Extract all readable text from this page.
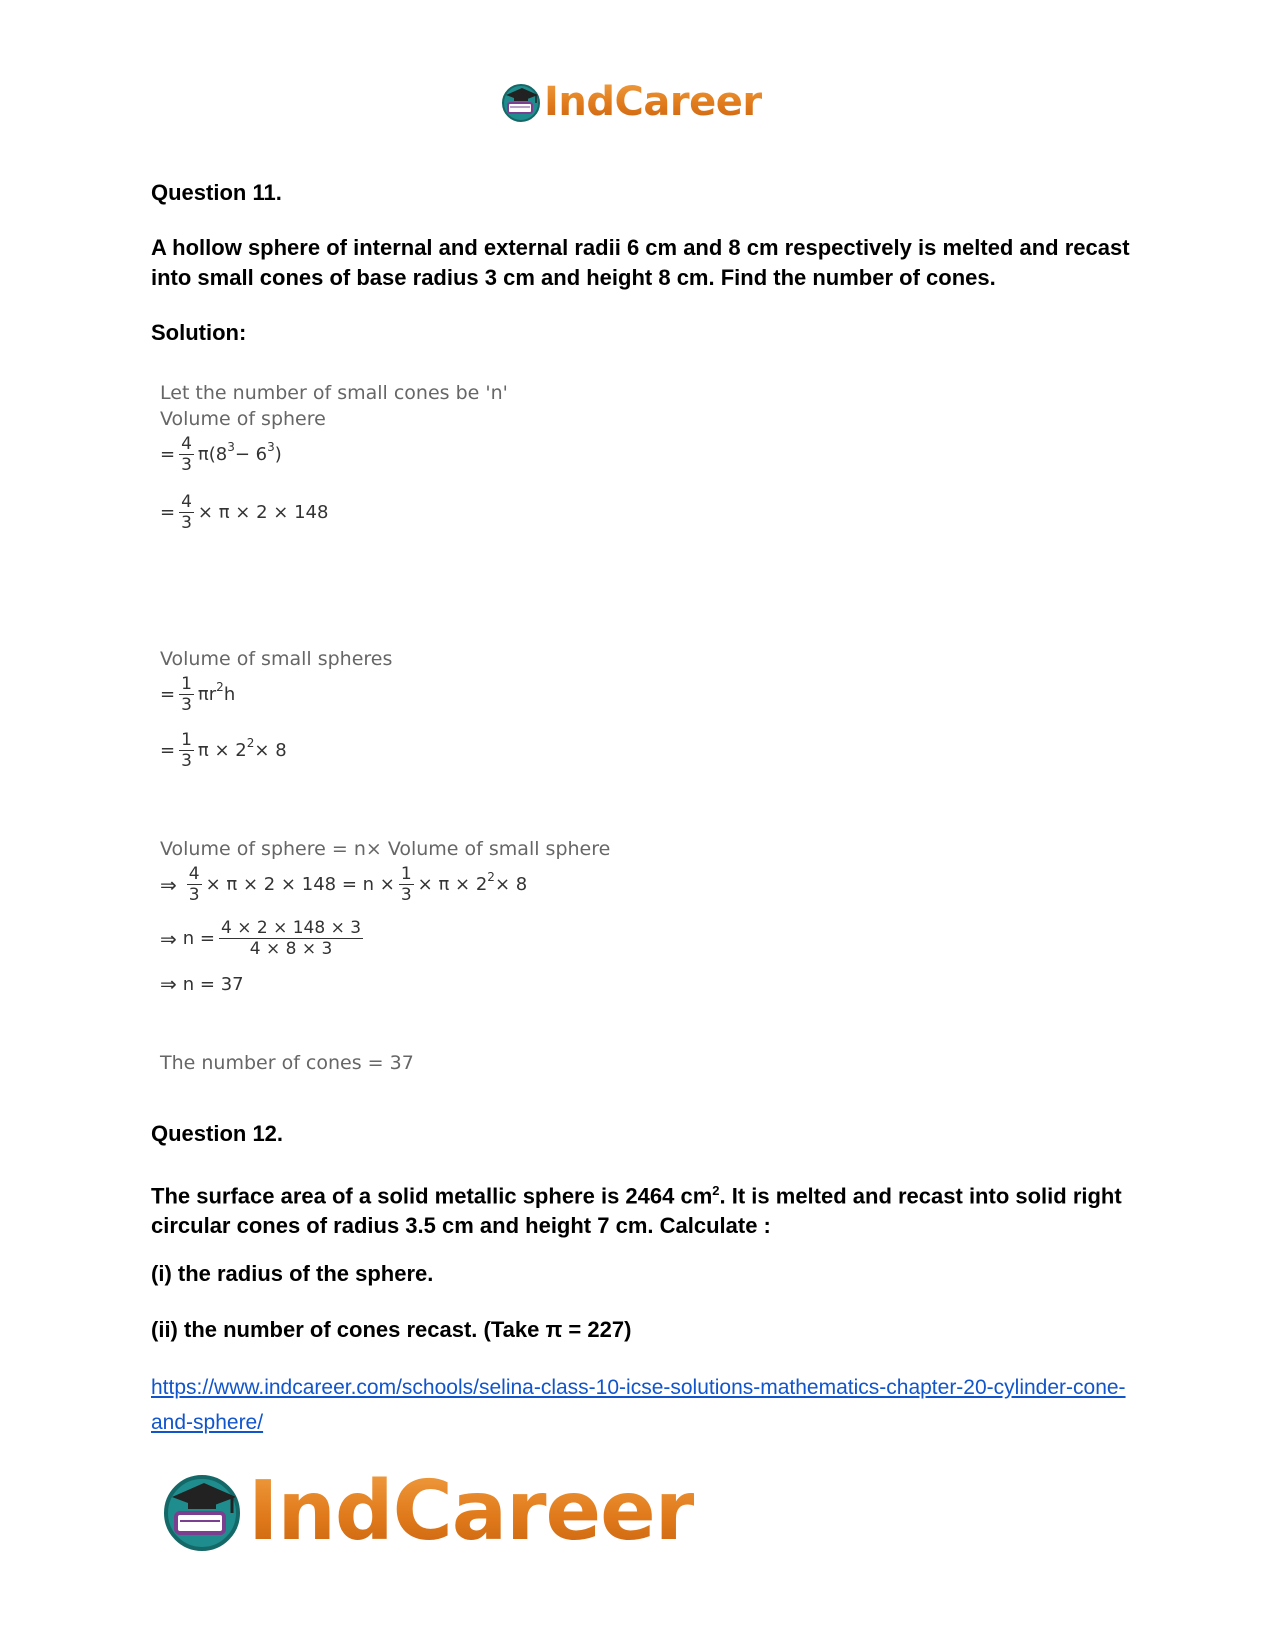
IndCareer
Question 11.
A hollow sphere of internal and external radii 6 cm and 8 cm respectively is melted and recast into small cones of base radius 3 cm and height 8 cm. Find the number of cones.
Solution:
Let the number of small cones be 'n'
Volume of sphere
= $\frac{4}{3} \pi(8$ 3 − 6 3 )
= $\frac{4}{3} \times \pi \times 2 \times 148$
Volume of small spheres
= $\frac{1}{3}$ πr 2 h
= $\frac{1}{3}$ π × 2 2 × 8
Volume of sphere = n× Volume of small sphere
⇒ $\frac{4}{3} \times \pi \times 2 \times 148 = n \times \frac{1}{3} \times \pi \times 2$ 2 × 8
⇒ $n = \frac{4 \times 2 \times 148 \times 3}{4 \times 8 \times 3}$
⇒ n = 37
The number of cones = 37
Question 12.
The surface area of a solid metallic sphere is 2464 $cm^2$. It is melted and recast into solid right circular cones of radius 3.5 cm and height 7 cm. Calculate :
(i) the radius of the sphere.
(ii) the number of cones recast. (Take π = 227)
https://www.indcareer.com/schools/selina-class-10-icse-solutions-mathematics-chapter-20-cylinder-cone-and-sphere/
IndCareer
